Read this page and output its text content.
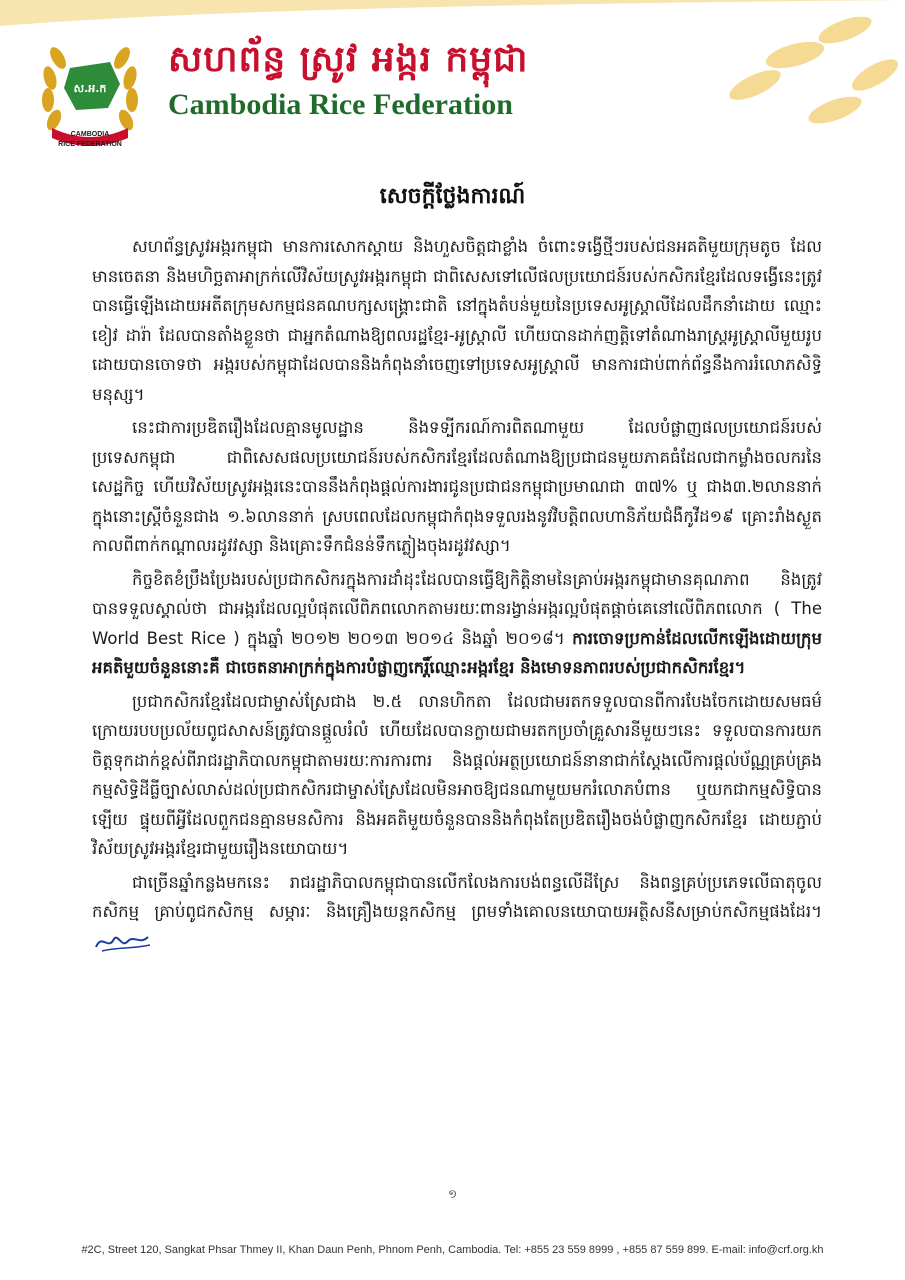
ស.អ.ក
CAMBODIA
RICE FEDERATION
សហព័ន្ធ ស្រូវ អង្ករ កម្ពុជា
Cambodia Rice Federation
សេចក្តីថ្លែងការណ៍

សហព័ន្ធស្រូវអង្ករកម្ពុជា មានការសោកស្តាយ និងហួសចិត្តជាខ្លាំង ចំពោះទង្វើថ្មីៗរបស់ជនអគតិមួយក្រុមតូច ដែលមានចេតនា និងមហិច្ឆតាអាក្រក់លើវិស័យស្រូវអង្ករកម្ពុជា ជាពិសេសទៅលើផលប្រយោជន៍របស់កសិករខ្មែរដែលទង្វើនេះត្រូវបានធ្វើឡើងដោយអតីតក្រុមសកម្មជនគណបក្សសង្គ្រោះជាតិ នៅក្នុងតំបន់មួយនៃប្រទេសអូស្ត្រាលីដែលដឹកនាំដោយ ឈ្មោះ ខៀវ ដារ៉ា ដែលបានតាំងខ្លួនថា ជាអ្នកតំណាងឱ្យពលរដ្ឋខ្មែរ-អូស្ត្រាលី ហើយបានដាក់ញត្តិទៅតំណាងរាស្ត្រអូស្ត្រាលីមួយរូបដោយបានចោទថា អង្ករបស់កម្ពុជាដែលបាននិងកំពុងនាំចេញទៅប្រទេសអូស្ត្រាលី មានការជាប់ពាក់ព័ន្ធនឹងការរំលោភសិទ្ធិមនុស្ស។

នេះជាការប្រឌិតរឿងដែលគ្មានមូលដ្ឋាន និងទទ្បីករណ៍ការពិតណាមួយ ដែលបំផ្លាញផលប្រយោជន៍របស់ប្រទេសកម្ពុជា ជាពិសេសផលប្រយោជន៍របស់កសិករខ្មែរដែលតំណាងឱ្យប្រជាជនមួយភាគធំដែលជាកម្លាំងចលករនៃសេដ្ឋកិច្ច ហើយវិស័យស្រូវអង្ករនេះបាននឹងកំពុងផ្តល់ការងារជូនប្រជាជនកម្ពុជាប្រមាណជា ៣៧% ឬ ជាង៣.២លាននាក់ ក្នុងនោះស្ត្រីចំនួនជាង ១.៦លាននាក់ ស្របពេលដែលកម្ពុជាកំពុងទទួលរងនូវវិបត្តិពលហានិភ័យជំងឺកូវីដ១៩ គ្រោះរាំងស្ងួតកាលពីពាក់កណ្តាលរដូវវស្សា និងគ្រោះទឹកជំនន់ទឹកភ្លៀងចុងរដូវវស្សា។

កិច្ចខិតខំប្រឹងប្រែងរបស់ប្រជាកសិករក្នុងការដាំដុះដែលបានធ្វើឱ្យកិត្តិនាមនៃគ្រាប់អង្ករកម្ពុជាមានគុណភាព និងត្រូវបានទទួលស្គាល់ថា ជាអង្ករដែលល្អបំផុតលើពិភពលោកតាមរយៈពានរង្វាន់អង្ករល្អបំផុតផ្តាច់គេនៅលើពិភពលោក ( The World Best Rice ) ក្នុងឆ្នាំ ២០១២ ២០១៣ ២០១៤ និងឆ្នាំ ២០១៨។ ការចោទប្រកាន់ដែលលើកឡើងដោយក្រុមអគតិមួយចំនួននោះគឺ ជាចេតនាអាក្រក់ក្នុងការបំផ្លាញកេរ្តិ៍ឈ្មោះអង្ករខ្មែរ និងមោទនភាពរបស់ប្រជាកសិករខ្មែរ។

ប្រជាកសិករខ្មែរដែលជាម្ចាស់ស្រែជាង ២.៥ លានហិកតា ដែលជាមរតកទទួលបានពីការបែងចែកដោយសមធម៌ ក្រោយរបបប្រល័យពូជសាសន៍ត្រូវបានផ្តួលរំលំ ហើយដែលបានក្លាយជាមរតកប្រចាំគ្រួសារនីមួយៗនេះ ទទួលបានការយកចិត្តទុកដាក់ខ្ពស់ពីរាជរដ្ឋាភិបាលកម្ពុជាតាមរយៈការការពារ និងផ្តល់អត្ថប្រយោជន៍នានាជាក់ស្តែងលើការផ្តល់ប័ណ្ណគ្រប់គ្រងកម្មសិទ្ធិដីធ្លីច្បាស់លាស់ដល់ប្រជាកសិករជាម្ចាស់ស្រែដែលមិនអាចឱ្យជនណាមួយមករំលោភបំពាន ឬយកជាកម្មសិទ្ធិបានឡើយ ផ្ទុយពីអ្វីដែលពួកជនគ្មានមនសិការ និងអគតិមួយចំនួនបាននិងកំពុងតែប្រឌិតរឿងចង់បំផ្លាញកសិករខ្មែរ ដោយភ្ជាប់វិស័យស្រូវអង្ករខ្មែរជាមួយរឿងនយោបាយ។

ជាច្រើនឆ្នាំកន្លងមកនេះ រាជរដ្ឋាភិបាលកម្ពុជាបានលើកលែងការបង់ពន្ធលើដីស្រែ និងពន្ធគ្រប់ប្រភេទលើធាតុចូលកសិកម្ម គ្រាប់ពូជកសិកម្ម សម្ភារៈ និងគ្រឿងយន្តកសិកម្ម ព្រមទាំងគោលនយោបាយអត្ថិសនីសម្រាប់កសិកម្មផងដែរ។

១
#2C, Street 120, Sangkat Phsar Thmey II, Khan Daun Penh, Phnom Penh, Cambodia. Tel: +855 23 559 8999 , +855 87 559 899. E-mail: info@crf.org.kh
